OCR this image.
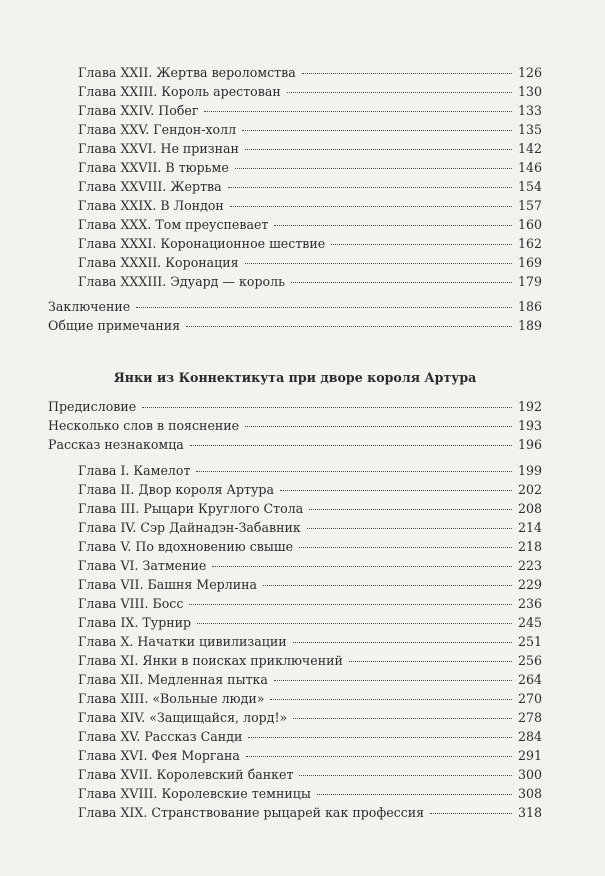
Янки из Коннектикута при дворе короля Артура
Глава XXII. Жертва вероломства	126
Глава XXIII. Король арестован	130
Глава XXIV. Побег	133
Глава XXV. Гендон-холл	135
Глава XXVI. Не признан	142
Глава XXVII. В тюрьме	146
Глава XXVIII. Жертва	154
Глава XXIX. В Лондон	157
Глава XXX. Том преуспевает	160
Глава XXXI. Коронационное шествие	162
Глава XXXII. Коронация	169
Глава XXXIII. Эдуард — король	179
Заключение	186
Общие примечания	189
Предисловие	192
Несколько слов в пояснение	193
Рассказ незнакомца	196
Глава I. Камелот	199
Глава II. Двор короля Артура	202
Глава III. Рыцари Круглого Стола	208
Глава IV. Сэр Дайнадэн-Забавник	214
Глава V. По вдохновению свыше	218
Глава VI. Затмение	223
Глава VII. Башня Мерлина	229
Глава VIII. Босс	236
Глава IX. Турнир	245
Глава X. Начатки цивилизации	251
Глава XI. Янки в поисках приключений	256
Глава XII. Медленная пытка	264
Глава XIII. «Вольные люди»	270
Глава XIV. «Защищайся, лорд!»	278
Глава XV. Рассказ Санди	284
Глава XVI. Фея Моргана	291
Глава XVII. Королевский банкет	300
Глава XVIII. Королевские темницы	308
Глава XIX. Странствование рыцарей как профессия	318
